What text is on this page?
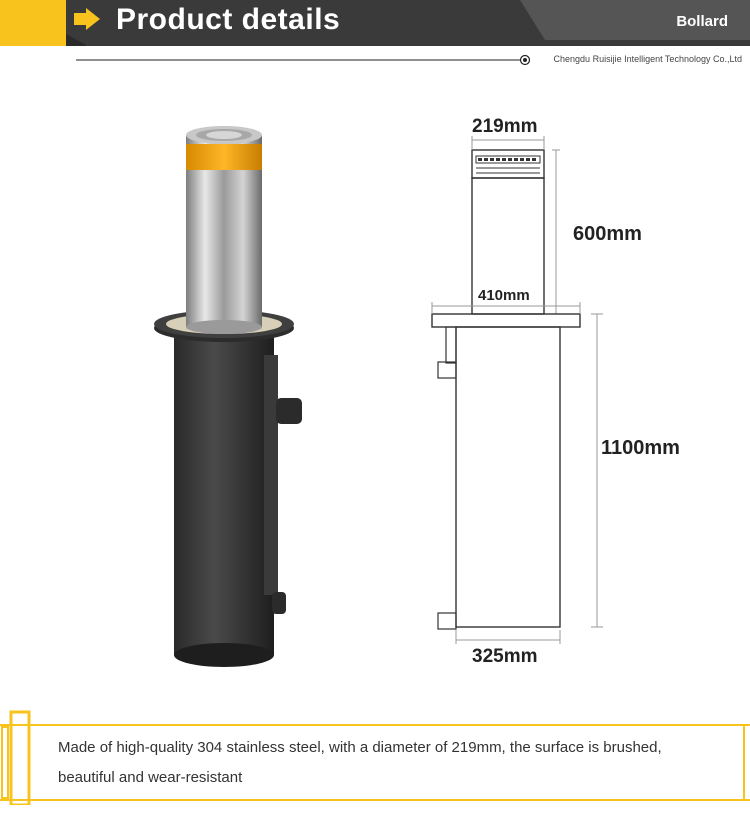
Product details	Bollard
Chengdu Ruisijie Intelligent Technology Co.,Ltd
219mm
600mm
410mm
1100mm
325mm
Made of high-quality 304 stainless steel, with a diameter of 219mm, the surface is brushed, beautiful and wear-resistant
